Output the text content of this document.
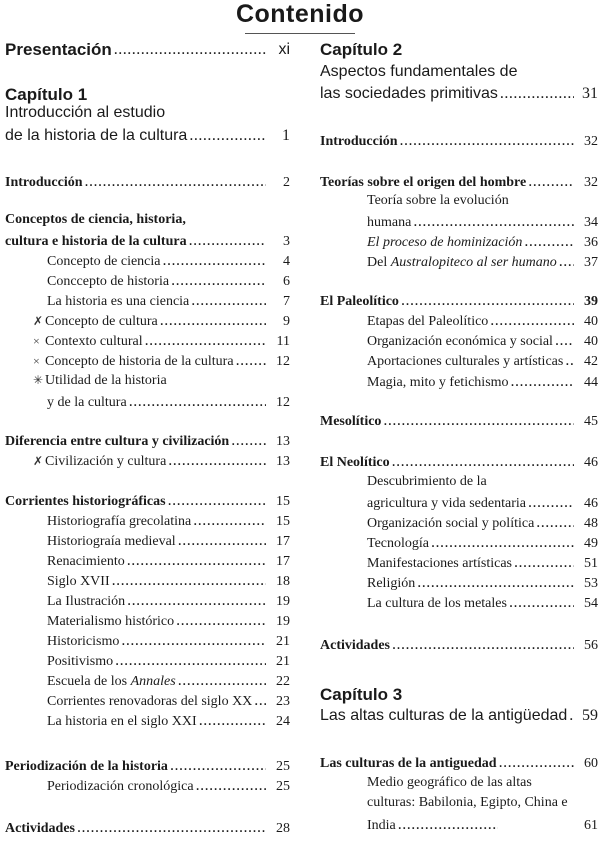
Contenido
Presentación .....	xi
Capítulo 1
Introducción al estudio
de la historia de la cultura .....	1
Introducción .....	2
Conceptos de ciencia, historia,
cultura e historia de la cultura .....	3
Concepto de ciencia .....	4
Conccepto de historia .....	6
La historia es una ciencia .....	7
✗ Concepto de cultura .....	9
× Contexto cultural .....	11
× Concepto de historia de la cultura .....	12
✳ Utilidad de la historia
y de la cultura .....	12
Diferencia entre cultura y civilización .....	13
✗ Civilización y cultura .....	13
Corrientes historiográficas .....	15
Historiografía grecolatina .....	15
Historiograía medieval .....	17
Renacimiento .....	17
Siglo XVII .....	18
La Ilustración .....	19
Materialismo histórico .....	19
Historicismo .....	21
Positivismo .....	21
Escuela de los Annales .....	22
Corrientes renovadoras del siglo XX .....	23
La historia en el siglo XXI .....	24
Periodización de la historia .....	25
Periodización cronológica .....	25
Actividades .....	28
Capítulo 2
Aspectos fundamentales de
las sociedades primitivas .....	31
Introducción .....	32
Teorías sobre el origen del hombre .....	32
Teoría sobre la evolución
humana .....	34
El proceso de hominización .....	36
Del Australopiteco al ser humano .....	37
El Paleolítico .....	39
Etapas del Paleolítico .....	40
Organización económica y social .....	40
Aportaciones culturales y artísticas .....	42
Magia, mito y fetichismo .....	44
Mesolítico .....	45
El Neolítico .....	46
Descubrimiento de la
agricultura y vida sedentaria .....	46
Organización social y política .....	48
Tecnología .....	49
Manifestaciones artísticas .....	51
Religión .....	53
La cultura de los metales .....	54
Actividades .....	56
Capítulo 3
Las altas culturas de la antigüedad ..... 59
Las culturas de la antiguedad .....	60
Medio geográfico de las altas
culturas: Babilonia, Egipto, China e
India .....	61
